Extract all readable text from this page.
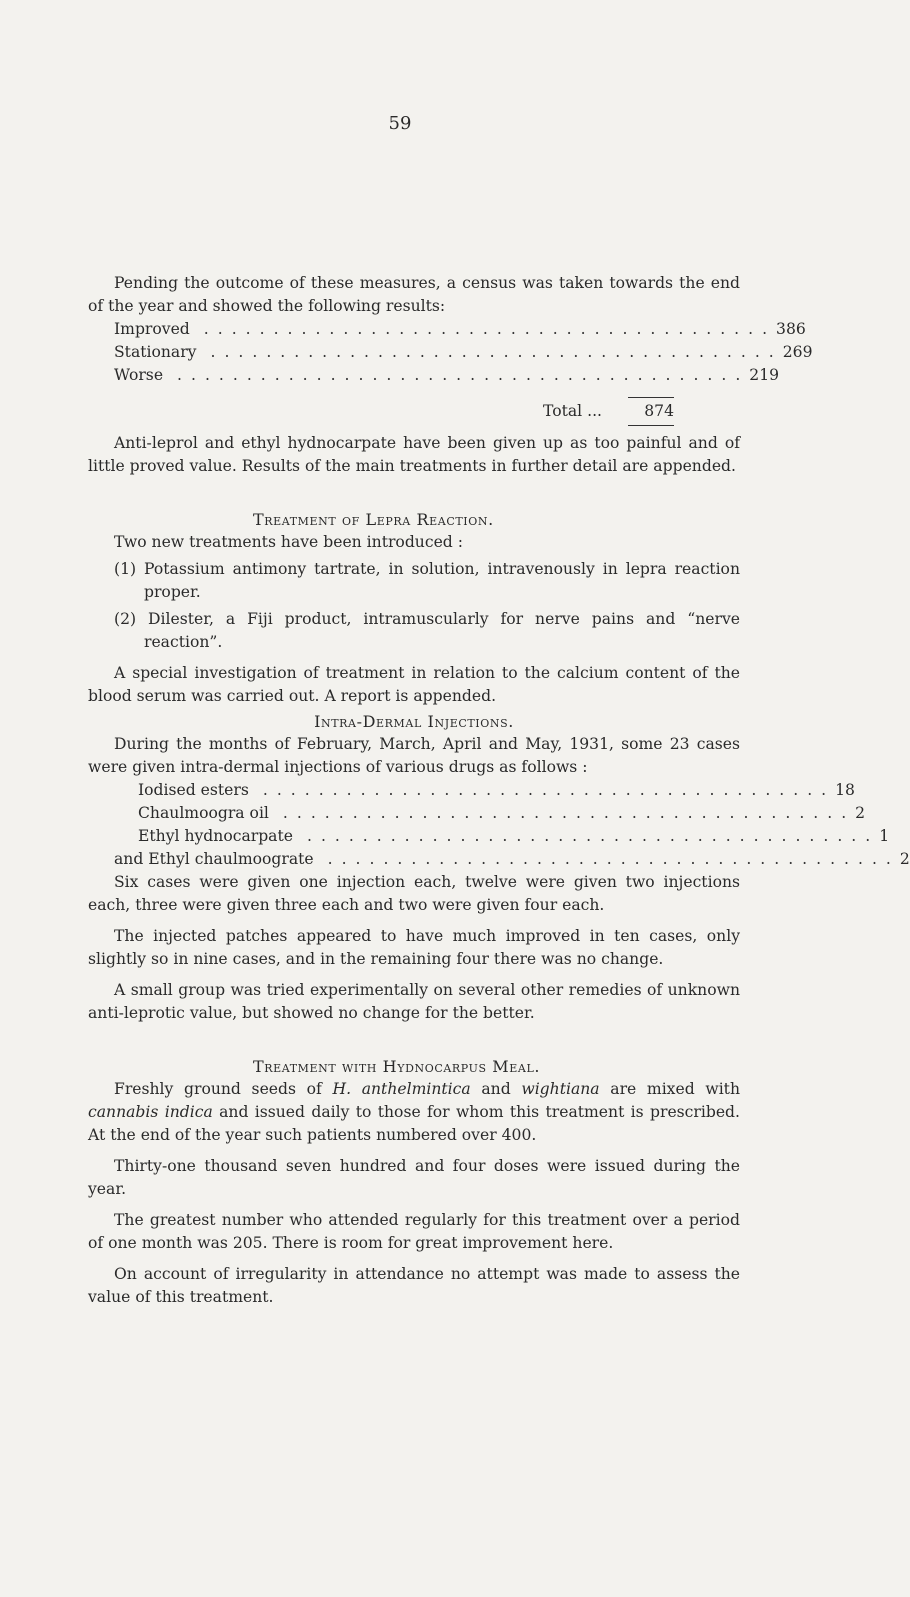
59

Pending the outcome of these measures, a census was taken towards the end of the year and showed the following results:

Improved ......................................... 386
Stationary ......................................... 269
Worse ......................................... 219
Total ...	874

Anti-leprol and ethyl hydnocarpate have been given up as too painful and of little proved value. Results of the main treatments in further detail are appended.

Treatment of Lepra Reaction.

Two new treatments have been introduced :

(1) Potassium antimony tartrate, in solution, intravenously in lepra reaction proper.

(2) Dilester, a Fiji product, intramuscularly for nerve pains and “nerve reaction”.

A special investigation of treatment in relation to the calcium content of the blood serum was carried out. A report is appended.

Intra-Dermal Injections.

During the months of February, March, April and May, 1931, some 23 cases were given intra-dermal injections of various drugs as follows :

Iodised esters ......................................... 18
Chaulmoogra oil ......................................... 2
Ethyl hydnocarpate ......................................... 1
and Ethyl chaulmoograte ......................................... 2

Six cases were given one injection each, twelve were given two injections each, three were given three each and two were given four each.

The injected patches appeared to have much improved in ten cases, only slightly so in nine cases, and in the remaining four there was no change.

A small group was tried experimentally on several other remedies of unknown anti-leprotic value, but showed no change for the better.

Treatment with Hydnocarpus Meal.

Freshly ground seeds of H. anthelmintica and wightiana are mixed with cannabis indica and issued daily to those for whom this treatment is prescribed. At the end of the year such patients numbered over 400.

Thirty-one thousand seven hundred and four doses were issued during the year.

The greatest number who attended regularly for this treatment over a period of one month was 205. There is room for great improvement here.

On account of irregularity in attendance no attempt was made to assess the value of this treatment.
